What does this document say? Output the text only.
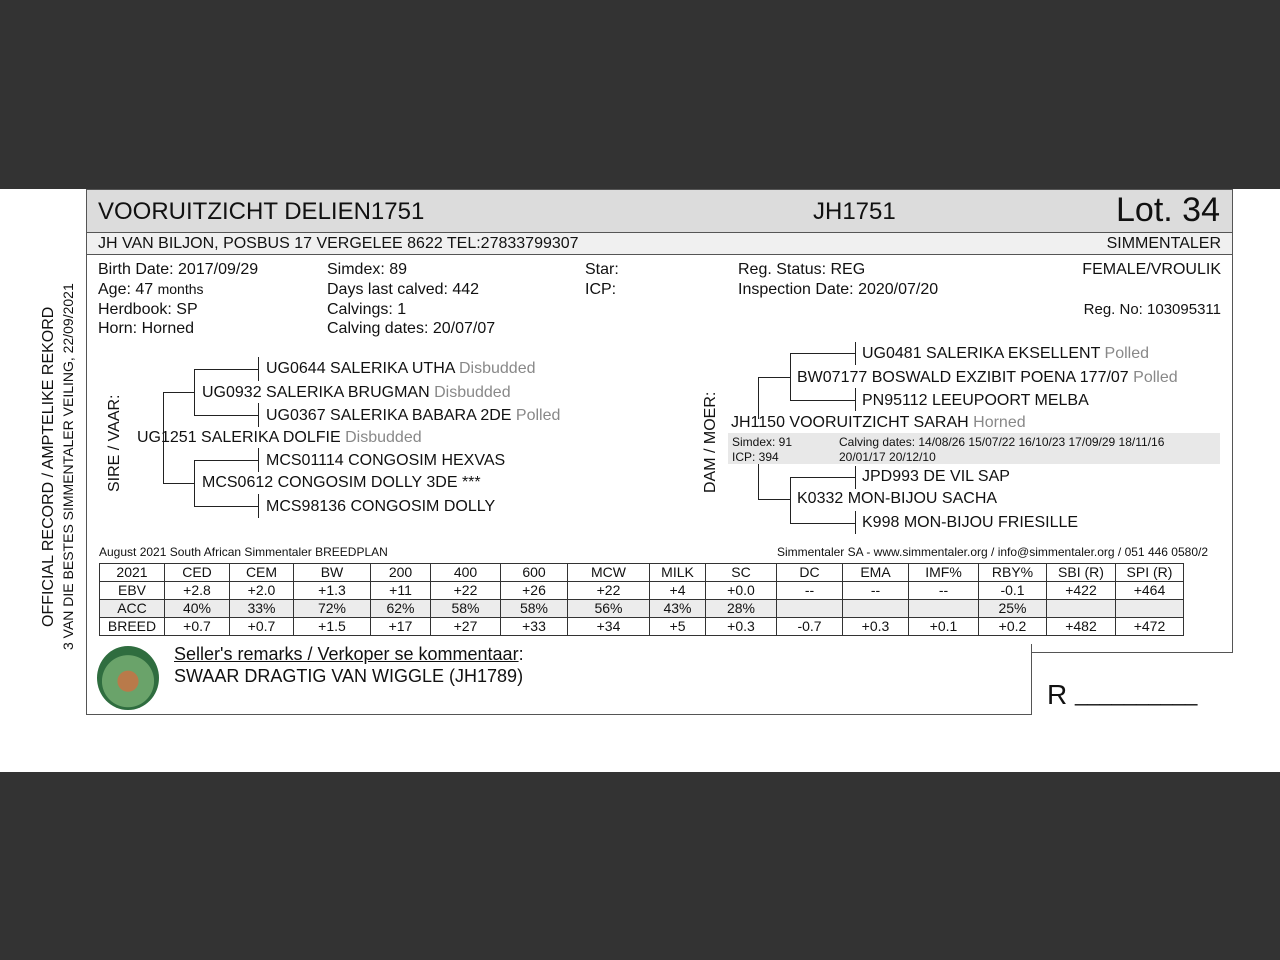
OFFICIAL RECORD / AMPTELIKE REKORD 3 VAN DIE BESTES SIMMENTALER VEILING, 22/09/2021
VOORUITZICHT DELIEN1751	JH1751	Lot. 34
JH VAN BILJON, POSBUS 17 VERGELEE 8622 TEL:27833799307	SIMMENTALER
Birth Date: 2017/09/29
Age: 47 months
Herdbook: SP
Horn: Horned
Simdex: 89
Days last calved: 442
Calvings: 1
Calving dates: 20/07/07
Star:
ICP:
Reg. Status: REG
Inspection Date: 2020/07/20
FEMALE/VROULIK
Reg. No: 103095311
SIRE / VAAR:
UG0644 SALERIKA UTHA Disbudded
UG0932 SALERIKA BRUGMAN Disbudded
UG0367 SALERIKA BABARA 2DE Polled
UG1251 SALERIKA DOLFIE Disbudded
MCS01114 CONGOSIM HEXVAS
MCS0612 CONGOSIM DOLLY 3DE ***
MCS98136 CONGOSIM DOLLY
DAM / MOER:
UG0481 SALERIKA EKSELLENT Polled
BW07177 BOSWALD EXZIBIT POENA 177/07 Polled
PN95112 LEEUPOORT MELBA
JH1150 VOORUITZICHT SARAH Horned
Simdex: 91
ICP: 394
Calving dates: 14/08/26 15/07/22 16/10/23 17/09/29 18/11/16
20/01/17 20/12/10
JPD993 DE VIL SAP
K0332 MON-BIJOU SACHA
K998 MON-BIJOU FRIESILLE
August 2021 South African Simmentaler BREEDPLAN	Simmentaler SA - www.simmentaler.org / info@simmentaler.org / 051 446 0580/2
2021	CED	CEM	BW	200	400	600	MCW	MILK	SC	DC	EMA	IMF%	RBY%	SBI (R)	SPI (R)
EBV	+2.8	+2.0	+1.3	+11	+22	+26	+22	+4	+0.0	--	--	--	-0.1	+422	+464
ACC	40%	33%	72%	62%	58%	58%	56%	43%	28%				25%		
BREED	+0.7	+0.7	+1.5	+17	+27	+33	+34	+5	+0.3	-0.7	+0.3	+0.1	+0.2	+482	+472
Seller's remarks / Verkoper se kommentaar:
SWAAR DRAGTIG VAN WIGGLE (JH1789)
R __________
